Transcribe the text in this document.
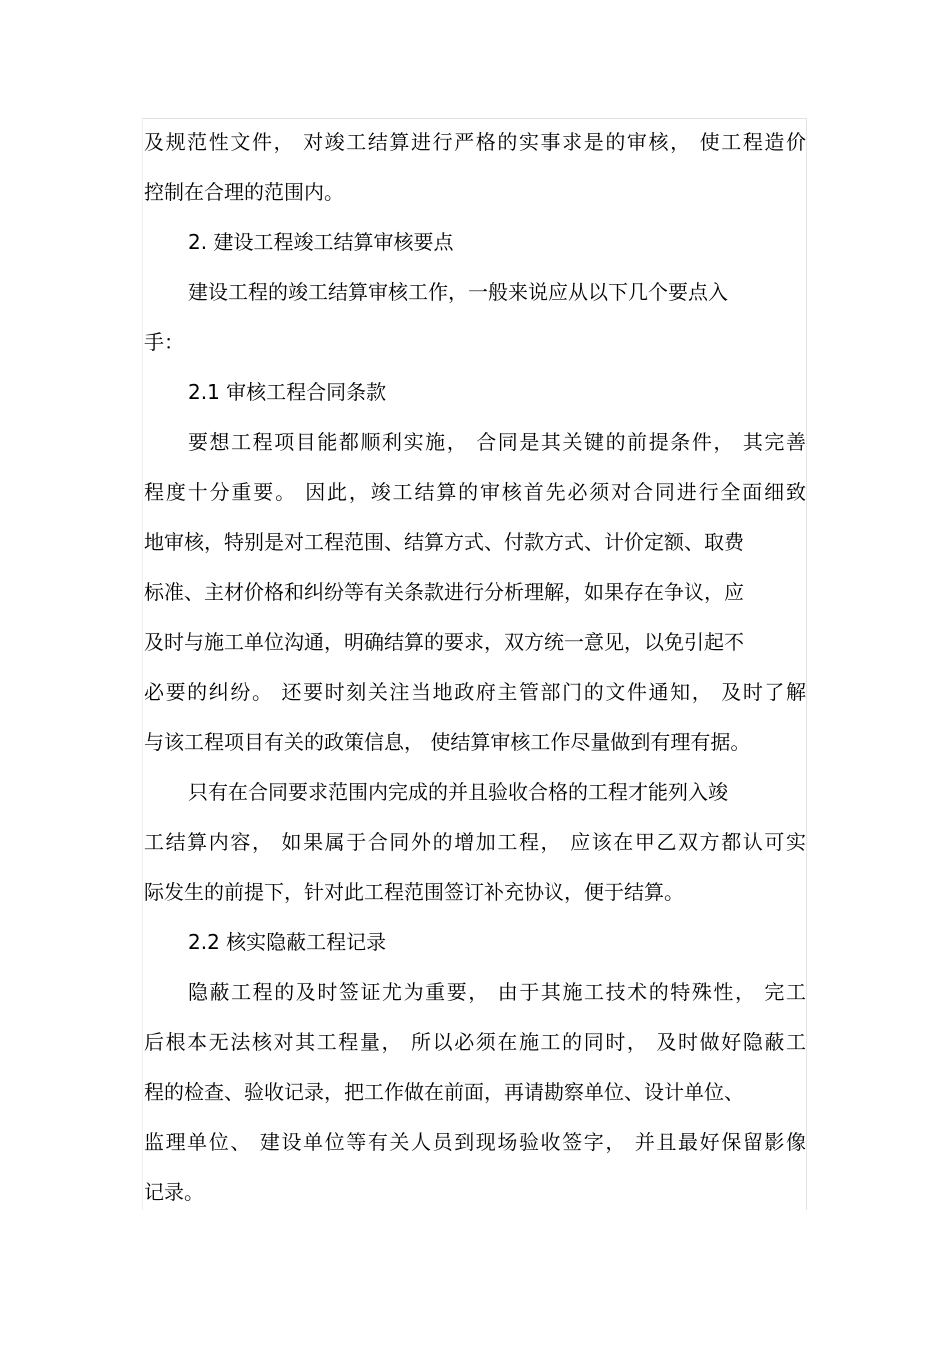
及规范性文件， 对竣工结算进行严格的实事求是的审核， 使工程造价
控制在合理的范围内。
2. 建设工程竣工结算审核要点
建设工程的竣工结算审核工作，一般来说应从以下几个要点入
手：
2.1 审核工程合同条款
要想工程项目能都顺利实施， 合同是其关键的前提条件， 其完善
程度十分重要。 因此，竣工结算的审核首先必须对合同进行全面细致
地审核，特别是对工程范围、结算方式、付款方式、计价定额、取费
标准、主材价格和纠纷等有关条款进行分析理解，如果存在争议，应
及时与施工单位沟通，明确结算的要求，双方统一意见，以免引起不
必要的纠纷。 还要时刻关注当地政府主管部门的文件通知， 及时了解
与该工程项目有关的政策信息， 使结算审核工作尽量做到有理有据。
只有在合同要求范围内完成的并且验收合格的工程才能列入竣
工结算内容， 如果属于合同外的增加工程， 应该在甲乙双方都认可实
际发生的前提下，针对此工程范围签订补充协议，便于结算。
2.2 核实隐蔽工程记录
隐蔽工程的及时签证尤为重要， 由于其施工技术的特殊性， 完工
后根本无法核对其工程量， 所以必须在施工的同时， 及时做好隐蔽工
程的检查、验收记录，把工作做在前面，再请勘察单位、设计单位、
监理单位、 建设单位等有关人员到现场验收签字， 并且最好保留影像
记录。
